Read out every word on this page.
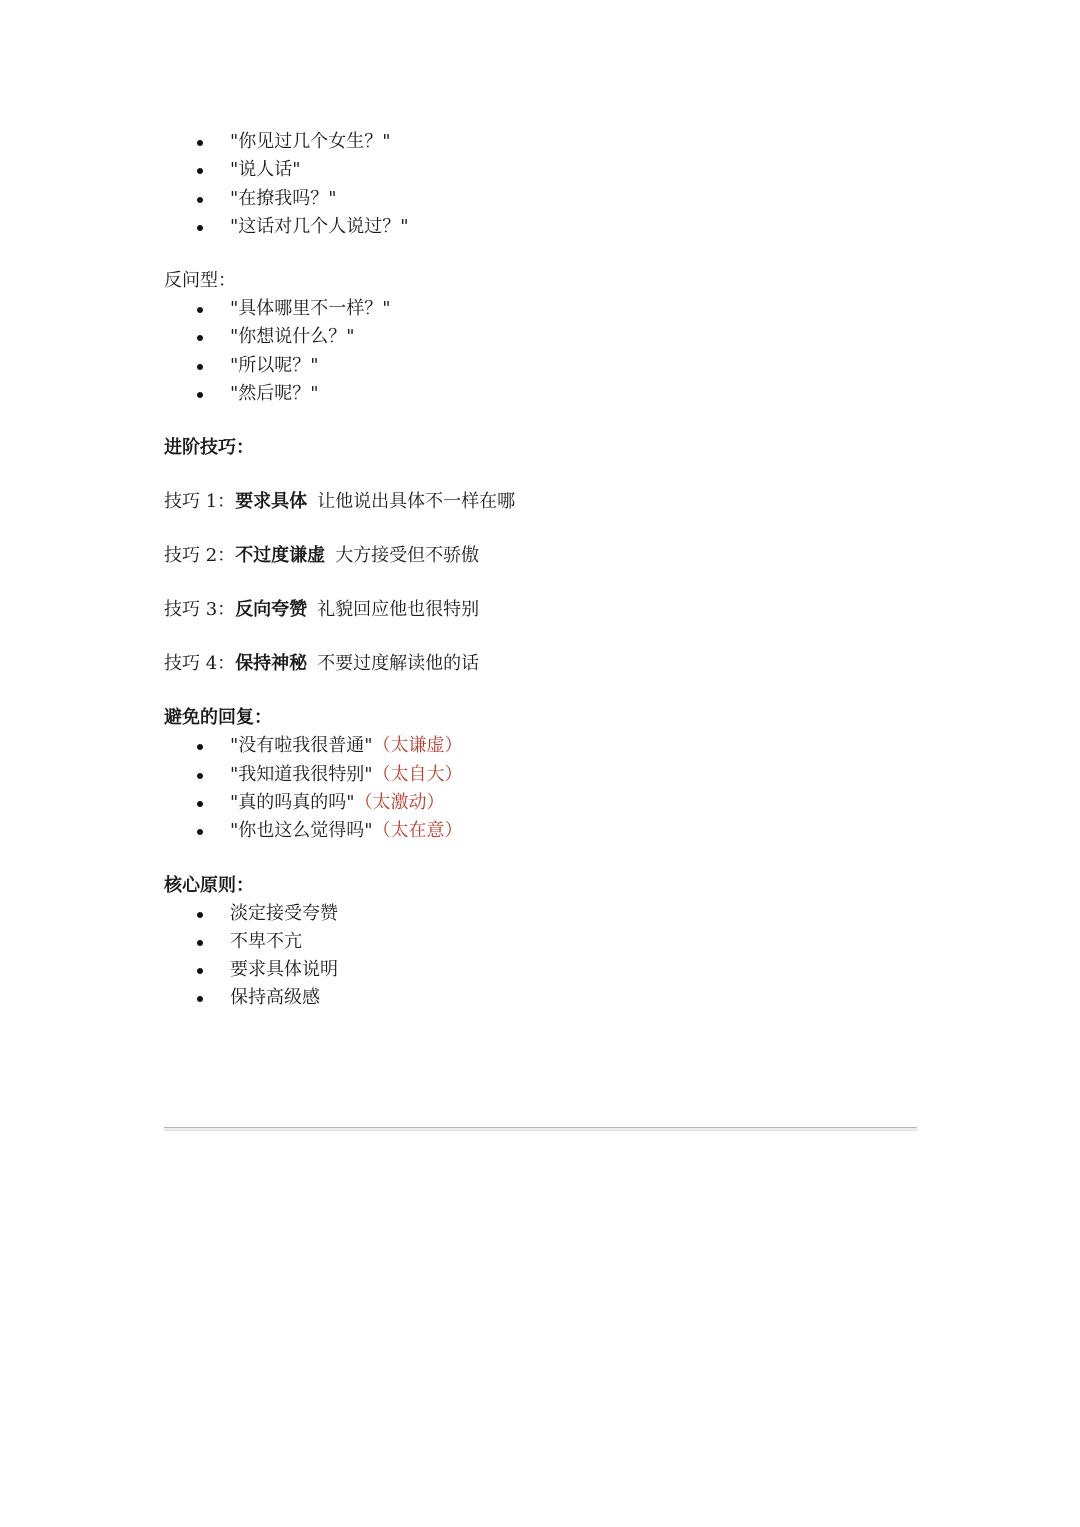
"你见过几个女生？"
"说人话"
"在撩我吗？"
"这话对几个人说过？"
反问型：
"具体哪里不一样？"
"你想说什么？"
"所以呢？"
"然后呢？"
进阶技巧：
技巧 1：要求具体 让他说出具体不一样在哪
技巧 2：不过度谦虚 大方接受但不骄傲
技巧 3：反向夸赞 礼貌回应他也很特别
技巧 4：保持神秘 不要过度解读他的话
避免的回复：
"没有啦我很普通"（太谦虚）
"我知道我很特别"（太自大）
"真的吗真的吗"（太激动）
"你也这么觉得吗"（太在意）
核心原则：
淡定接受夸赞
不卑不亢
要求具体说明
保持高级感
